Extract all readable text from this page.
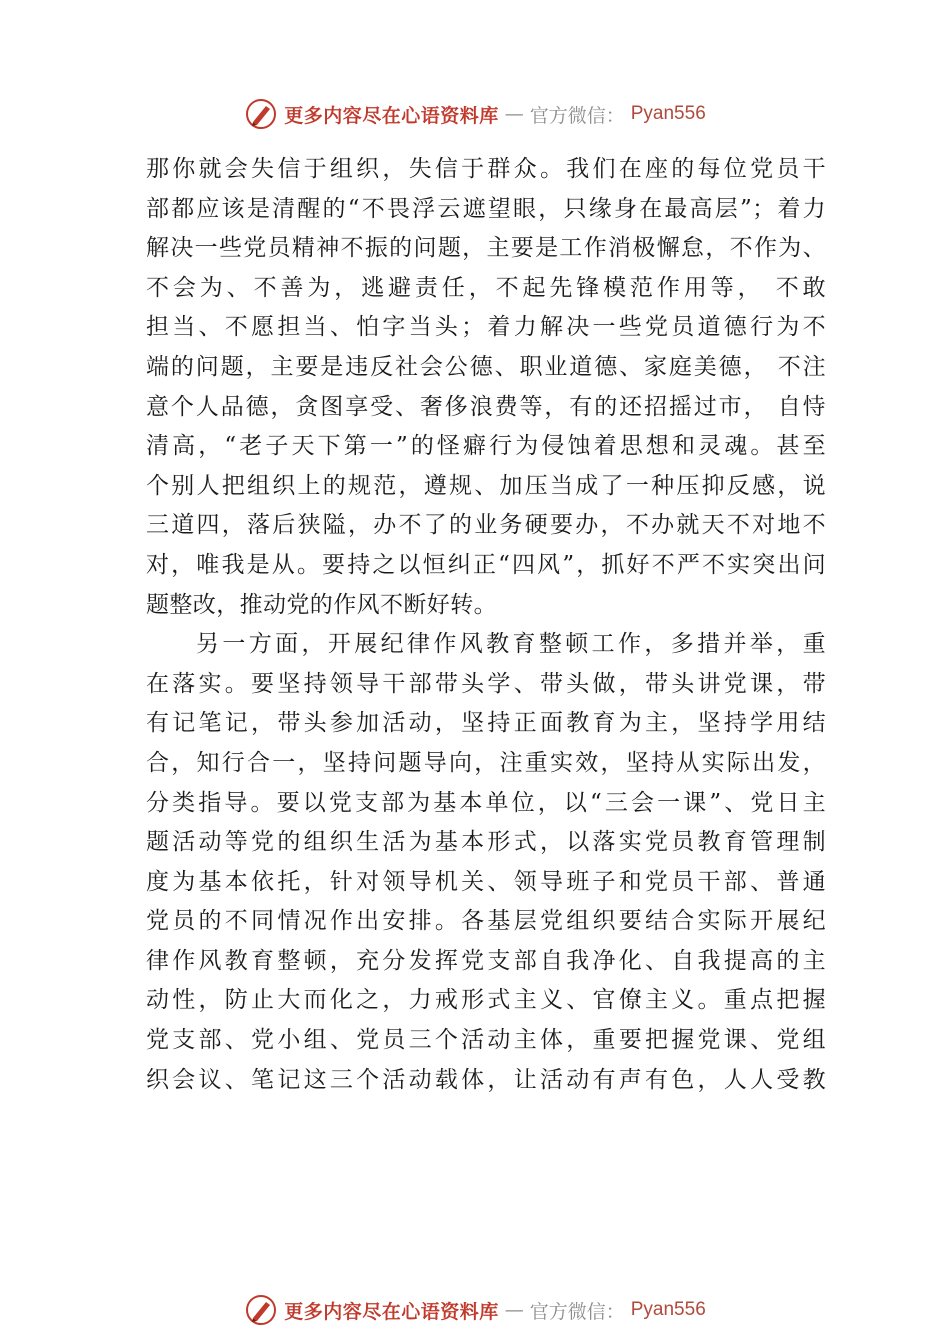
更多内容尽在心语资料库 — 官方微信： Pyan556
那你就会失信于组织，失信于群众。我们在座的每位党员干
部都应该是清醒的“不畏浮云遮望眼，只缘身在最高层”；着力
解决一些党员精神不振的问题，主要是工作消极懈怠，不作为、
不会为、不善为，逃避责任，不起先锋模范作用等， 不敢
担当、不愿担当、怕字当头；着力解决一些党员道德行为不
端的问题，主要是违反社会公德、职业道德、家庭美德， 不注
意个人品德，贪图享受、奢侈浪费等，有的还招摇过市， 自恃
清高，“老子天下第一”的怪癖行为侵蚀着思想和灵魂。甚至
个别人把组织上的规范，遵规、加压当成了一种压抑反感，说
三道四，落后狭隘，办不了的业务硬要办，不办就天不对地不
对，唯我是从。要持之以恒纠正“四风”，抓好不严不实突出问
题整改，推动党的作风不断好转。
另一方面，开展纪律作风教育整顿工作，多措并举，重
在落实。要坚持领导干部带头学、带头做，带头讲党课，带
有记笔记，带头参加活动，坚持正面教育为主，坚持学用结
合，知行合一，坚持问题导向，注重实效，坚持从实际出发，
分类指导。要以党支部为基本单位，以“三会一课”、党日主
题活动等党的组织生活为基本形式，以落实党员教育管理制
度为基本依托，针对领导机关、领导班子和党员干部、普通
党员的不同情况作出安排。各基层党组织要结合实际开展纪
律作风教育整顿，充分发挥党支部自我净化、自我提高的主
动性，防止大而化之，力戒形式主义、官僚主义。重点把握
党支部、党小组、党员三个活动主体，重要把握党课、党组
织会议、笔记这三个活动载体，让活动有声有色，人人受教
更多内容尽在心语资料库 — 官方微信： Pyan556
